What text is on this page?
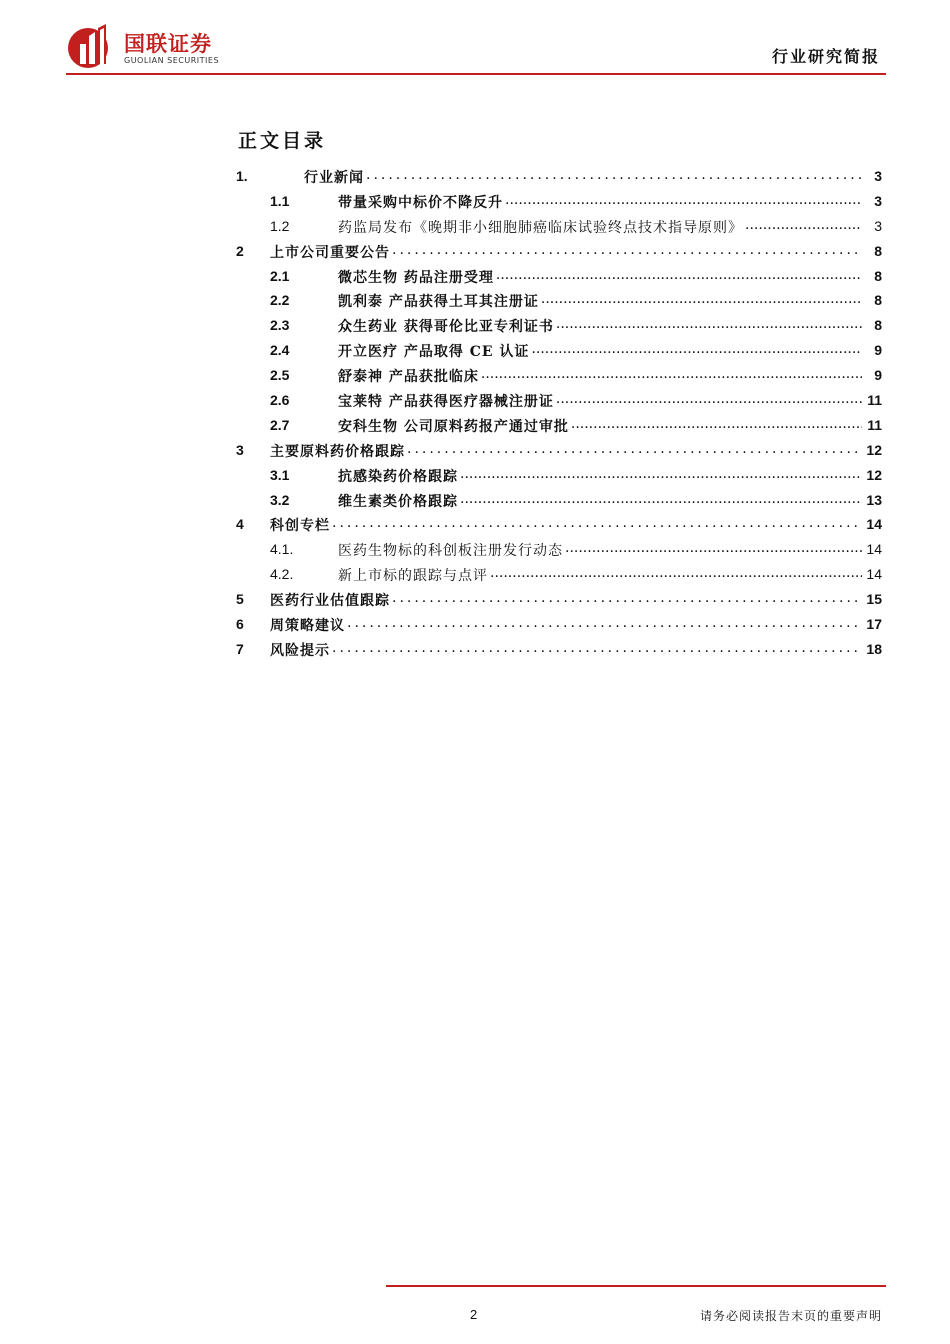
国联证券
GUOLIAN SECURITIES	行业研究简报
正文目录
1.	行业新闻 .....	3
1.1	带量采购中标价不降反升 .....	3
1.2	药监局发布《晚期非小细胞肺癌临床试验终点技术指导原则》 .....	3
2 上市公司重要公告 .....	8
2.1	微芯生物 药品注册受理 .....	8
2.2	凯利泰 产品获得土耳其注册证 .....	8
2.3	众生药业 获得哥伦比亚专利证书 .....	8
2.4	开立医疗 产品取得 CE 认证 .....	9
2.5	舒泰神 产品获批临床 .....	9
2.6	宝莱特 产品获得医疗器械注册证 .....	11
2.7	安科生物 公司原料药报产通过审批 .....	11
3 主要原料药价格跟踪 .....	12
3.1	抗感染药价格跟踪 .....	12
3.2	维生素类价格跟踪 .....	13
4 科创专栏 .....	14
4.1.	医药生物标的科创板注册发行动态 .....	14
4.2.	新上市标的跟踪与点评 .....	14
5 医药行业估值跟踪 .....	15
6 周策略建议 .....	17
7 风险提示 .....	18
2	请务必阅读报告末页的重要声明
